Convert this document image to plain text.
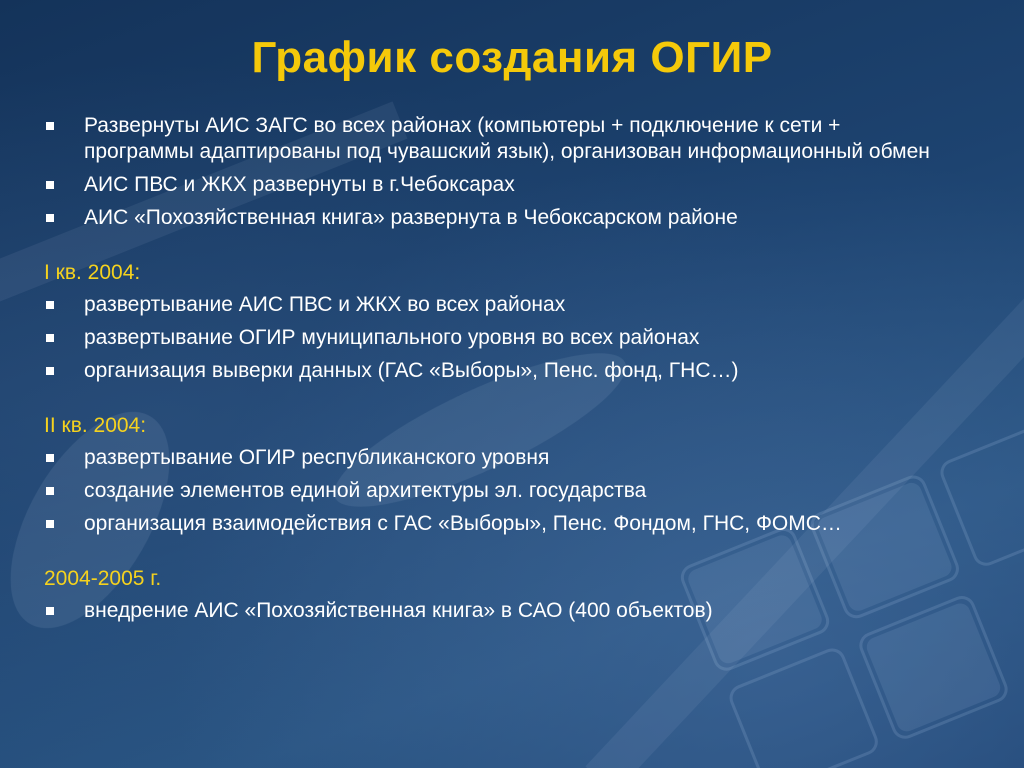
График создания ОГИР
Развернуты АИС ЗАГС во всех районах (компьютеры + подключение к сети + программы адаптированы под чувашский язык), организован информационный обмен
АИС ПВС и ЖКХ развернуты в г.Чебоксарах
АИС «Похозяйственная книга» развернута в Чебоксарском районе

I кв. 2004:

развертывание АИС ПВС и ЖКХ во всех районах
развертывание ОГИР муниципального уровня во всех районах
организация выверки данных (ГАС «Выборы», Пенс. фонд, ГНС…)

II кв. 2004:

развертывание ОГИР республиканского уровня
создание элементов единой архитектуры эл. государства
организация взаимодействия с ГАС «Выборы», Пенс. Фондом, ГНС, ФОМС…

2004-2005 г.

внедрение АИС «Похозяйственная книга» в САО (400 объектов)
